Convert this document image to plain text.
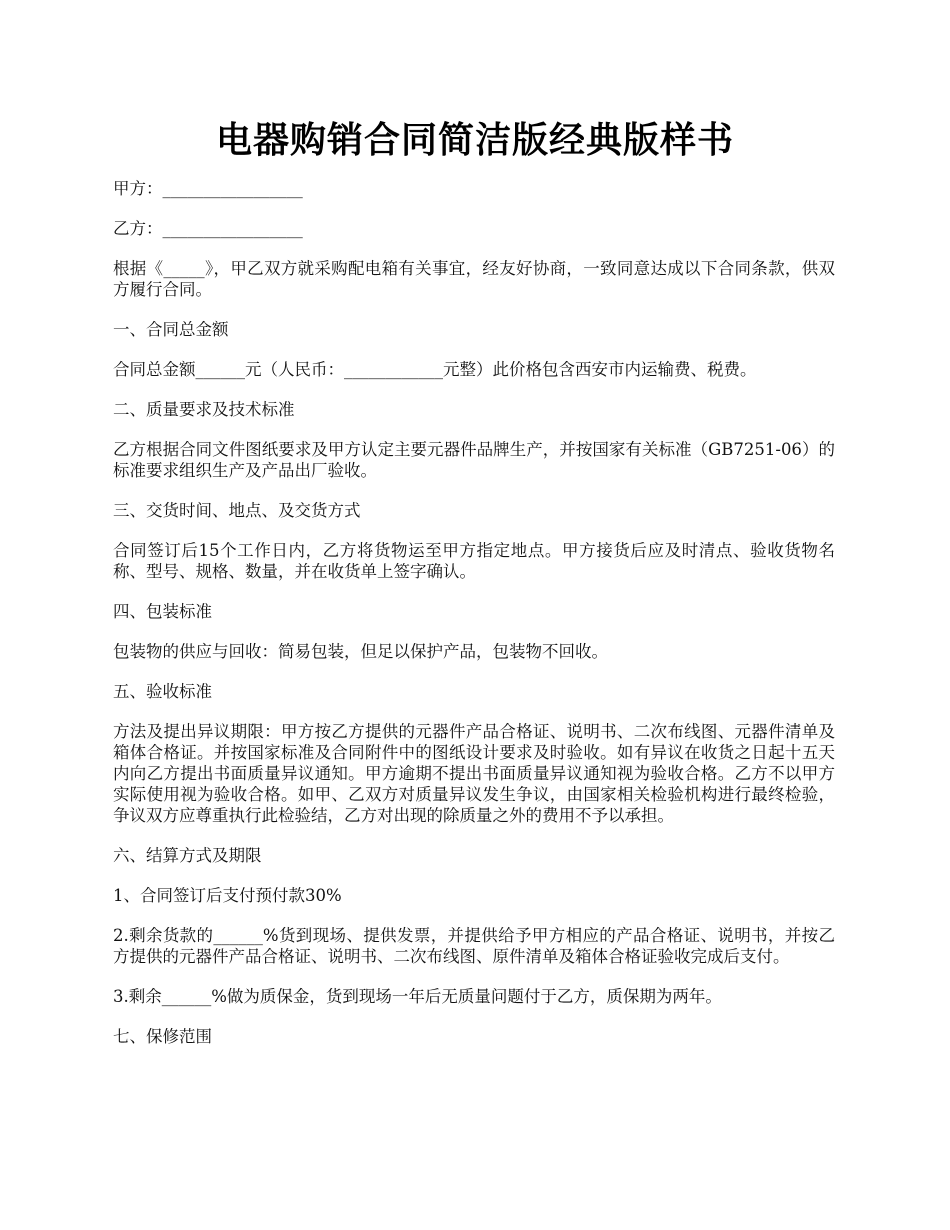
电器购销合同简洁版经典版样书

甲方：_________________

乙方：_________________

根据《_____》，甲乙双方就采购配电箱有关事宜，经友好协商，一致同意达成以下合同条款，供双方履行合同。

一、合同总金额

合同总金额______元（人民币：____________元整）此价格包含西安市内运输费、税费。

二、质量要求及技术标准

乙方根据合同文件图纸要求及甲方认定主要元器件品牌生产，并按国家有关标准（GB7251-06）的标准要求组织生产及产品出厂验收。

三、交货时间、地点、及交货方式

合同签订后15个工作日内，乙方将货物运至甲方指定地点。甲方接货后应及时清点、验收货物名称、型号、规格、数量，并在收货单上签字确认。

四、包装标准

包装物的供应与回收：简易包装，但足以保护产品，包装物不回收。

五、验收标准

方法及提出异议期限：甲方按乙方提供的元器件产品合格证、说明书、二次布线图、元器件清单及箱体合格证。并按国家标准及合同附件中的图纸设计要求及时验收。如有异议在收货之日起十五天内向乙方提出书面质量异议通知。甲方逾期不提出书面质量异议通知视为验收合格。乙方不以甲方实际使用视为验收合格。如甲、乙双方对质量异议发生争议，由国家相关检验机构进行最终检验，争议双方应尊重执行此检验结，乙方对出现的除质量之外的费用不予以承担。

六、结算方式及期限

1、合同签订后支付预付款30%

2.剩余货款的______%货到现场、提供发票，并提供给予甲方相应的产品合格证、说明书，并按乙方提供的元器件产品合格证、说明书、二次布线图、原件清单及箱体合格证验收完成后支付。

3.剩余______%做为质保金，货到现场一年后无质量问题付于乙方，质保期为两年。

七、保修范围
